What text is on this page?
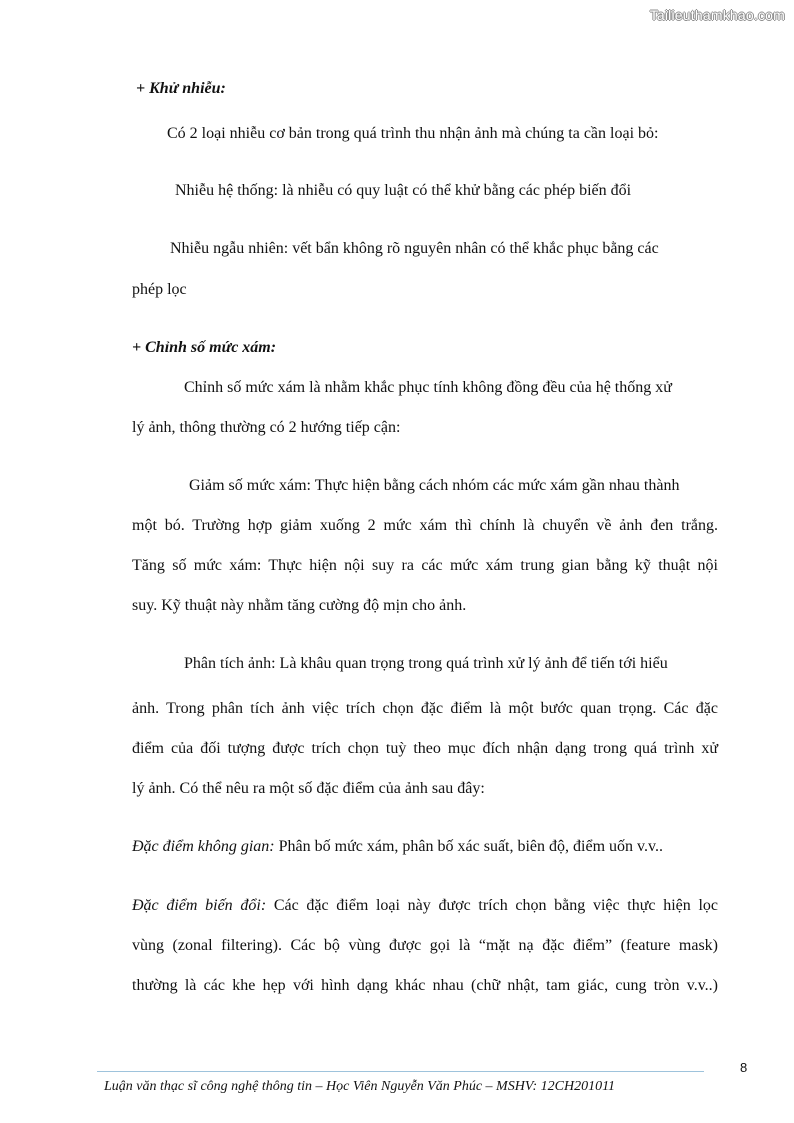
Tailieuthamkhao.com
+ Khử nhiễu:
Có 2 loại nhiễu cơ bản trong quá trình thu nhận ảnh mà chúng ta cần loại bỏ:
Nhiễu hệ thống: là nhiễu có quy luật có thể khử bằng các phép biến đổi
Nhiễu ngẫu nhiên: vết bẩn không rõ nguyên nhân có thể khắc phục bằng các
phép lọc
+ Chỉnh số mức xám:
Chỉnh số mức xám là nhằm khắc phục tính không đồng đều của hệ thống xử
lý ảnh, thông thường có 2 hướng tiếp cận:
Giảm số mức xám: Thực hiện bằng cách nhóm các mức xám gần nhau thành
một bó. Trường hợp giảm xuống 2 mức xám thì chính là chuyển về ảnh đen trắng.
Tăng số mức xám: Thực hiện nội suy ra các mức xám trung gian bằng kỹ thuật nội
suy. Kỹ thuật này nhằm tăng cường độ mịn cho ảnh.
Phân tích ảnh: Là khâu quan trọng trong quá trình xử lý ảnh để tiến tới hiểu
ảnh. Trong phân tích ảnh việc trích chọn đặc điểm là một bước quan trọng. Các đặc
điểm của đối tượng được trích chọn tuỳ theo mục đích nhận dạng trong quá trình xử
lý ảnh. Có thể nêu ra một số đặc điểm của ảnh sau đây:
Đặc điểm không gian: Phân bố mức xám, phân bố xác suất, biên độ, điểm uốn v.v..
Đặc điểm biến đổi: Các đặc điểm loại này được trích chọn bằng việc thực hiện lọc
vùng (zonal filtering). Các bộ vùng được gọi là “mặt nạ đặc điểm” (feature mask)
thường là các khe hẹp với hình dạng khác nhau (chữ nhật, tam giác, cung tròn v.v..)
8
Luận văn thạc sĩ công nghệ thông tin – Học Viên Nguyễn Văn Phúc – MSHV: 12CH201011
